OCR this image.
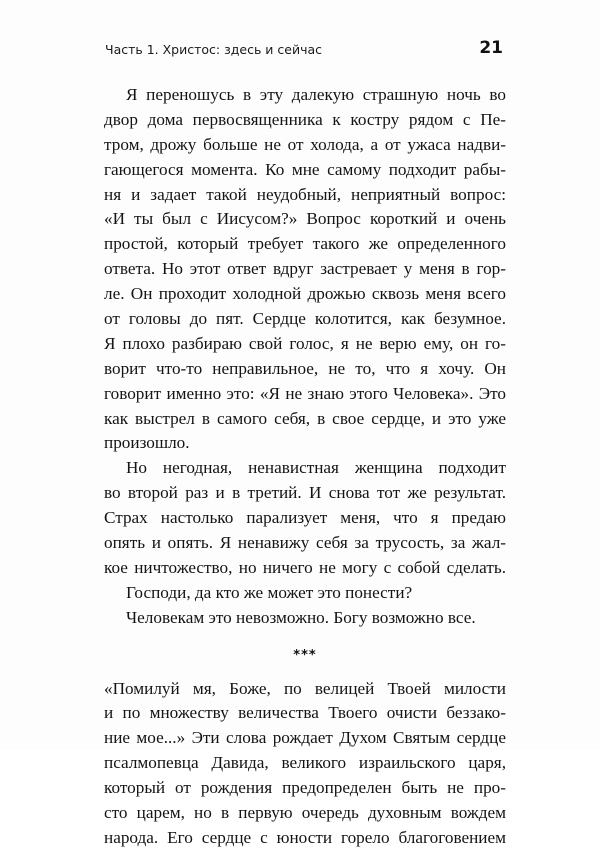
Часть 1. Христос: здесь и сейчас	21
Я переношусь в эту далекую страшную ночь во
двор дома первосвященника к костру рядом с Пе-
тром, дрожу больше не от холода, а от ужаса надви-
гающегося момента. Ко мне самому подходит рабы-
ня и задает такой неудобный, неприятный вопрос:
«И ты был с Иисусом?» Вопрос короткий и очень
простой, который требует такого же определенного
ответа. Но этот ответ вдруг застревает у меня в гор-
ле. Он проходит холодной дрожью сквозь меня всего
от головы до пят. Сердце колотится, как безумное.
Я плохо разбираю свой голос, я не верю ему, он го-
ворит что-то неправильное, не то, что я хочу. Он
говорит именно это: «Я не знаю этого Человека». Это
как выстрел в самого себя, в свое сердце, и это уже
произошло.
Но негодная, ненавистная женщина подходит
во второй раз и в третий. И снова тот же результат.
Страх настолько парализует меня, что я предаю
опять и опять. Я ненавижу себя за трусость, за жал-
кое ничтожество, но ничего не могу с собой сделать.
Господи, да кто же может это понести?
Человекам это невозможно. Богу возможно все.
***
«Помилуй мя, Боже, по велицей Твоей милости
и по множеству величества Твоего очисти беззако-
ние мое...» Эти слова рождает Духом Святым сердце
псалмопевца Давида, великого израильского царя,
который от рождения предопределен быть не про-
сто царем, но в первую очередь духовным вождем
народа. Его сердце с юности горело благоговением
